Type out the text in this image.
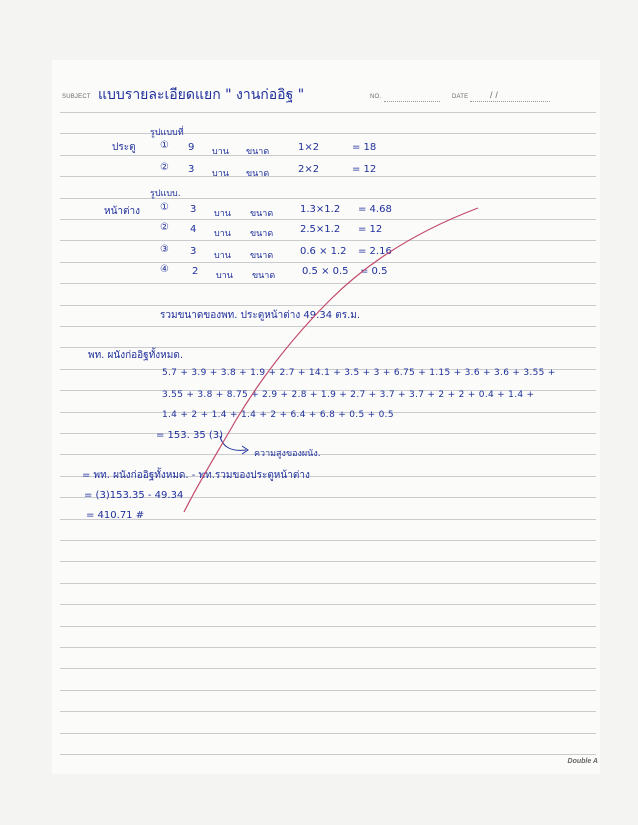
SUBJECT แบบรายละเอียดแยก " งานก่ออิฐ "	NO.	DATE / /
รูปแบบที่
ประตู ① 9 บาน ขนาด	1×2	= 18
② 3 บาน ขนาด	2×2	= 12
รูปแบบ.
หน้าต่าง ① 3 บาน ขนาด	1.3×1.2 = 4.68
② 4 บาน ขนาด	2.5×1.2 = 12
③ 3 บาน ขนาด	0.6 × 1.2 = 2.16
④ 2 บาน ขนาด	0.5 × 0.5 = 0.5
รวมขนาดของพท. ประตูหน้าต่าง 49.34 ตร.ม.
พท. ผนังก่ออิฐทั้งหมด.
5.7 + 3.9 + 3.8 + 1.9 + 2.7 + 14.1 + 3.5 + 3 + 6.75 + 1.15 + 3.6 + 3.6 + 3.55 +
3.55 + 3.8 + 8.75 + 2.9 + 2.8 + 1.9 + 2.7 + 3.7 + 3.7 + 2 + 2 + 0.4 + 1.4 +
1.4 + 2 + 1.4 + 1.4 + 2 + 6.4 + 6.8 + 0.5 + 0.5
= 153. 35 (3)
ความสูงของผนัง.
= พท. ผนังก่ออิฐทั้งหมด. - พท.รวมของประตูหน้าต่าง
= (3)153.35 - 49.34
= 410.71 #
Double A
